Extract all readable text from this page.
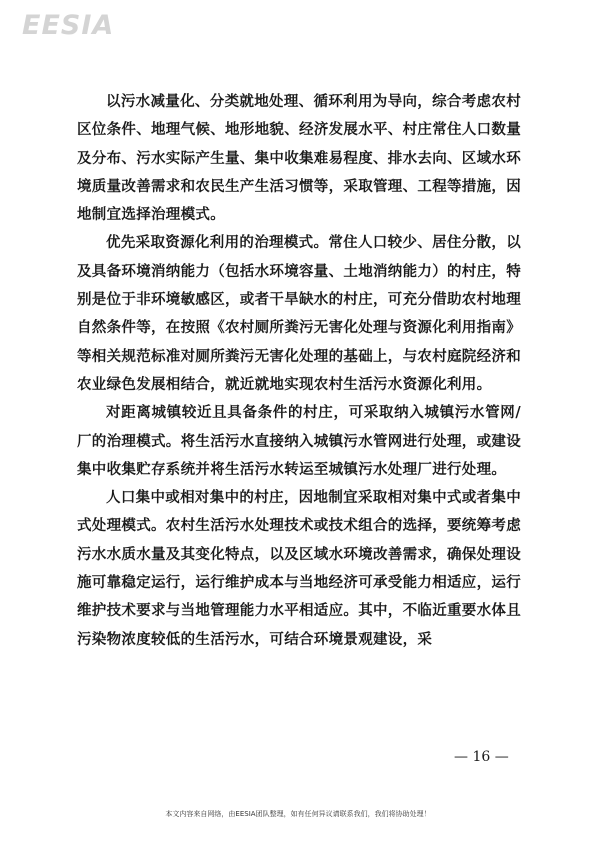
EESIA

以污水减量化、分类就地处理、循环利用为导向，综合考虑农村区位条件、地理气候、地形地貌、经济发展水平、村庄常住人口数量及分布、污水实际产生量、集中收集难易程度、排水去向、区域水环境质量改善需求和农民生产生活习惯等，采取管理、工程等措施，因地制宜选择治理模式。

优先采取资源化利用的治理模式。常住人口较少、居住分散，以及具备环境消纳能力（包括水环境容量、土地消纳能力）的村庄，特别是位于非环境敏感区，或者干旱缺水的村庄，可充分借助农村地理自然条件等，在按照《农村厕所粪污无害化处理与资源化利用指南》等相关规范标准对厕所粪污无害化处理的基础上，与农村庭院经济和农业绿色发展相结合，就近就地实现农村生活污水资源化利用。

对距离城镇较近且具备条件的村庄，可采取纳入城镇污水管网/厂的治理模式。将生活污水直接纳入城镇污水管网进行处理，或建设集中收集贮存系统并将生活污水转运至城镇污水处理厂进行处理。

人口集中或相对集中的村庄，因地制宜采取相对集中式或者集中式处理模式。农村生活污水处理技术或技术组合的选择，要统筹考虑污水水质水量及其变化特点，以及区域水环境改善需求，确保处理设施可靠稳定运行，运行维护成本与当地经济可承受能力相适应，运行维护技术要求与当地管理能力水平相适应。其中，不临近重要水体且污染物浓度较低的生活污水，可结合环境景观建设，采

— 16 —
本文内容来自网络，由EESIA团队整理，如有任何异议请联系我们，我们将协助处理！
